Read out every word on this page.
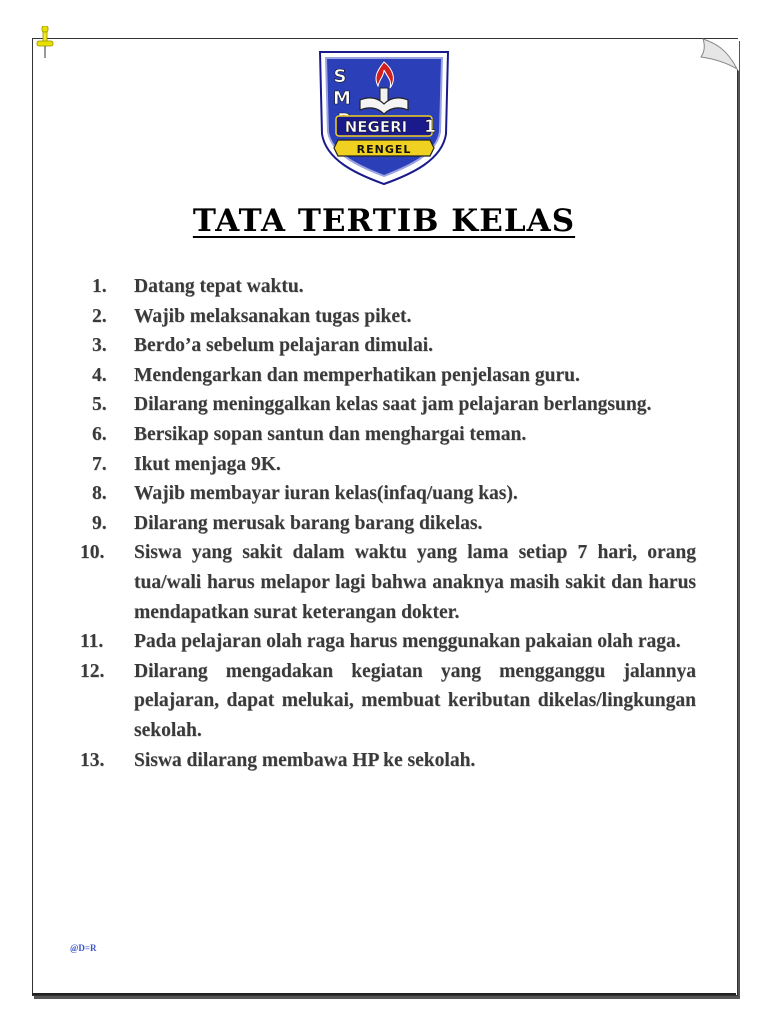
S
M
NEGERI 1
RENGEL
TATA TERTIB KELAS
1.	Datang tepat waktu.
2.	Wajib melaksanakan tugas piket.
3.	Berdo’a sebelum pelajaran dimulai.
4.	Mendengarkan dan memperhatikan penjelasan guru.
5.	Dilarang meninggalkan kelas saat jam pelajaran berlangsung.
6.	Bersikap sopan santun dan menghargai teman.
7.	Ikut menjaga 9K.
8.	Wajib membayar iuran kelas(infaq/uang kas).
9.	Dilarang merusak barang barang dikelas.
10.	Siswa yang sakit dalam waktu yang lama setiap 7 hari, orang tua/wali harus melapor lagi bahwa anaknya masih sakit dan harus mendapatkan surat keterangan dokter.
11.	Pada pelajaran olah raga harus menggunakan pakaian olah raga.
12.	Dilarang mengadakan kegiatan yang mengganggu jalannya pelajaran, dapat melukai, membuat keributan dikelas/lingkungan sekolah.
13.	Siswa dilarang membawa HP ke sekolah.
@D=R
